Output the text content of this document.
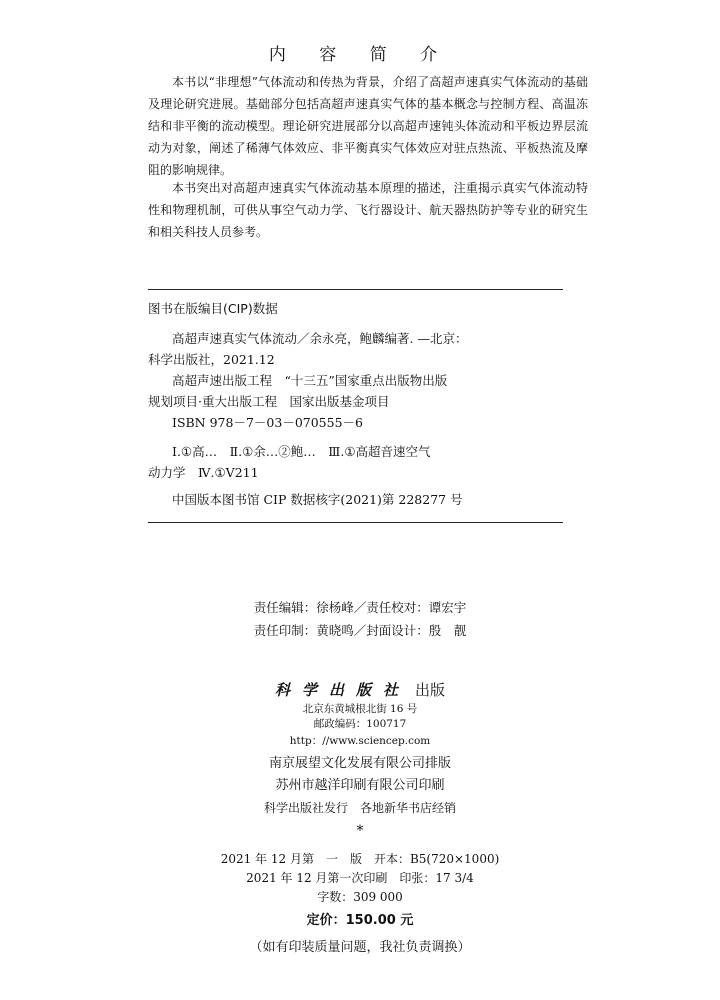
内 容 简 介
本书以“非理想”气体流动和传热为背景，介绍了高超声速真实气体流动的基础及理论研究进展。基础部分包括高超声速真实气体的基本概念与控制方程、高温冻结和非平衡的流动模型。理论研究进展部分以高超声速钝头体流动和平板边界层流动为对象，阐述了稀薄气体效应、非平衡真实气体效应对驻点热流、平板热流及摩阻的影响规律。
本书突出对高超声速真实气体流动基本原理的描述，注重揭示真实气体流动特性和物理机制，可供从事空气动力学、飞行器设计、航天器热防护等专业的研究生和相关科技人员参考。
图书在版编目(CIP)数据
高超声速真实气体流动／余永亮，鲍麟编著. —北京：
科学出版社，2021.12
高超声速出版工程　“十三五”国家重点出版物出版
规划项目·重大出版工程　国家出版基金项目
ISBN 978－7－03－070555－6
Ⅰ.①高…　Ⅱ.①余…②鲍…　Ⅲ.①高超音速空气
动力学　Ⅳ.①V211
中国版本图书馆 CIP 数据核字(2021)第 228277 号
责任编辑：徐杨峰／责任校对：谭宏宇
责任印制：黄晓鸣／封面设计：殷　靓
科学出版社 出版
北京东黄城根北街 16 号
邮政编码：100717
http：//www.sciencep.com
南京展望文化发展有限公司排版
苏州市越洋印刷有限公司印刷
科学出版社发行　各地新华书店经销
*
2021 年 12 月第　一　版　开本：B5(720×1000)
2021 年 12 月第一次印刷　印张：17 3/4
字数：309 000
定价：150.00 元
（如有印装质量问题，我社负责调换）
